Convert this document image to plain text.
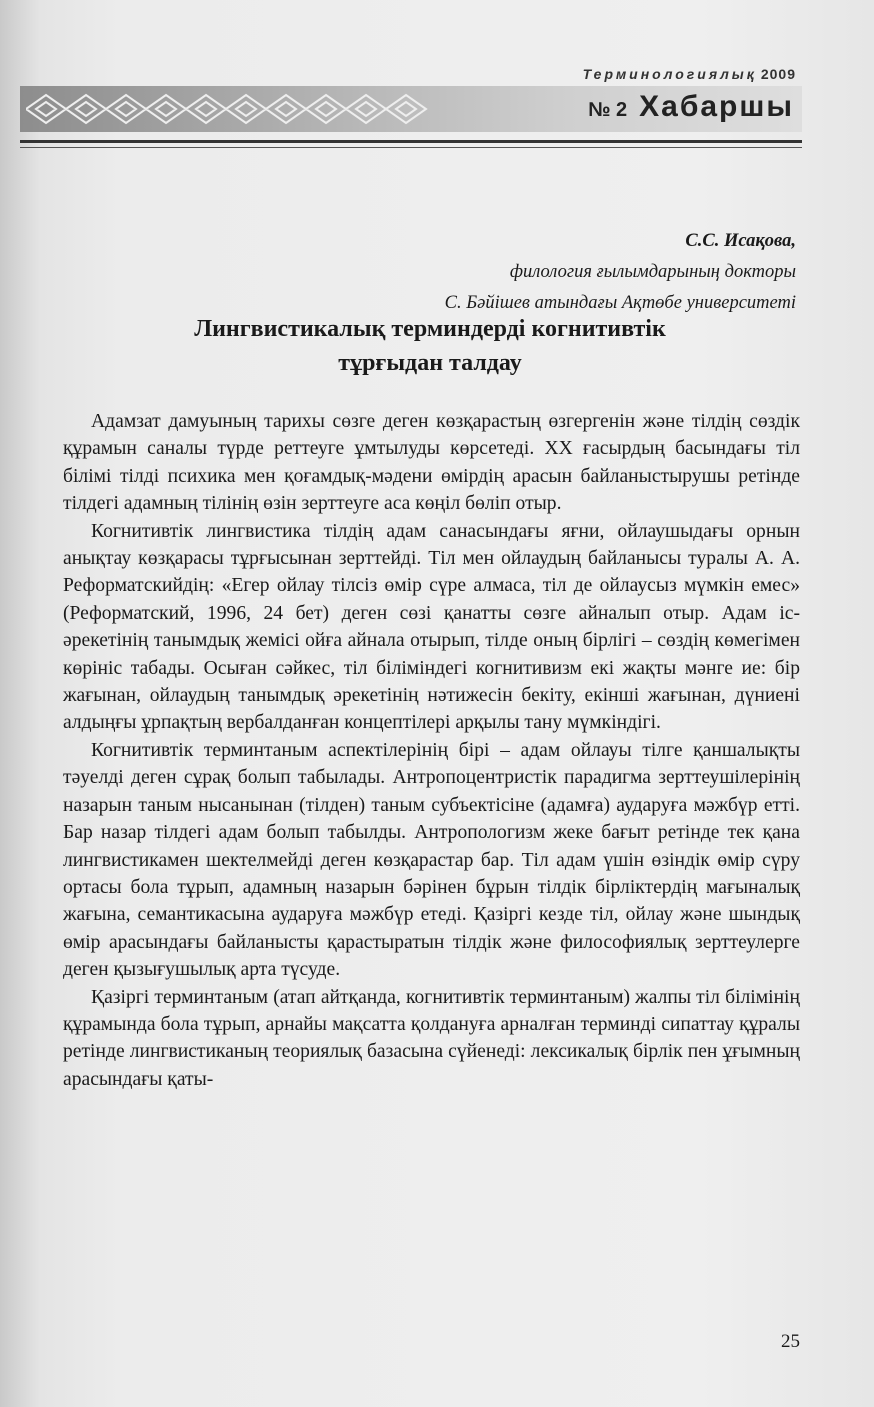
Терминологиялық 2009
№ 2 Хабаршы
С.С. Исақова,
филология ғылымдарының докторы
С. Бәйішев атындағы Ақтөбе университеті
Лингвистикалық терминдерді когнитивтік
тұрғыдан талдау

Адамзат дамуының тарихы сөзге деген көзқарастың өзгергенін және тілдің сөздік құрамын саналы түрде реттеуге ұмтылуды көрсетеді. ХХ ғасырдың басындағы тіл білімі тілді психика мен қоғамдық-мәдени өмірдің арасын байланыстырушы ретінде тілдегі адамның тілінің өзін зерттеуге аса көңіл бөліп отыр.

Когнитивтік лингвистика тілдің адам санасындағы яғни, ойлаушыдағы орнын анықтау көзқарасы тұрғысынан зерттейді. Тіл мен ойлаудың байланысы туралы А. А. Реформатскийдің: «Егер ойлау тілсіз өмір сүре алмаса, тіл де ойлаусыз мүмкін емес» (Реформатский, 1996, 24 бет) деген сөзі қанатты сөзге айналып отыр. Адам іс-әрекетінің танымдық жемісі ойға айнала отырып, тілде оның бірлігі – сөздің көмегімен көрініс табады. Осыған сәйкес, тіл біліміндегі когнитивизм екі жақты мәнге ие: бір жағынан, ойлаудың танымдық әрекетінің нәтижесін бекіту, екінші жағынан, дүниені алдыңғы ұрпақтың вербалданған концептілері арқылы тану мүмкіндігі.

Когнитивтік терминтаным аспектілерінің бірі – адам ойлауы тілге қаншалықты тәуелді деген сұрақ болып табылады. Антропоцентристік парадигма зерттеушілерінің назарын таным нысанынан (тілден) таным субъектісіне (адамға) аударуға мәжбүр етті. Бар назар тілдегі адам болып табылды. Антропологизм жеке бағыт ретінде тек қана лингвистикамен шектелмейді деген көзқарастар бар. Тіл адам үшін өзіндік өмір сүру ортасы бола тұрып, адамның назарын бәрінен бұрын тілдік бірліктердің мағыналық жағына, семантикасына аударуға мәжбүр етеді. Қазіргі кезде тіл, ойлау және шындық өмір арасындағы байланысты қарастыратын тілдік және философиялық зерттеулерге деген қызығушылық арта түсуде.

Қазіргі терминтаным (атап айтқанда, когнитивтік терминтаным) жалпы тіл білімінің құрамында бола тұрып, арнайы мақсатта қолдануға арналған терминді сипаттау құралы ретінде лингвистиканың теориялық базасына сүйенеді: лексикалық бірлік пен ұғымның арасындағы қаты-

25
